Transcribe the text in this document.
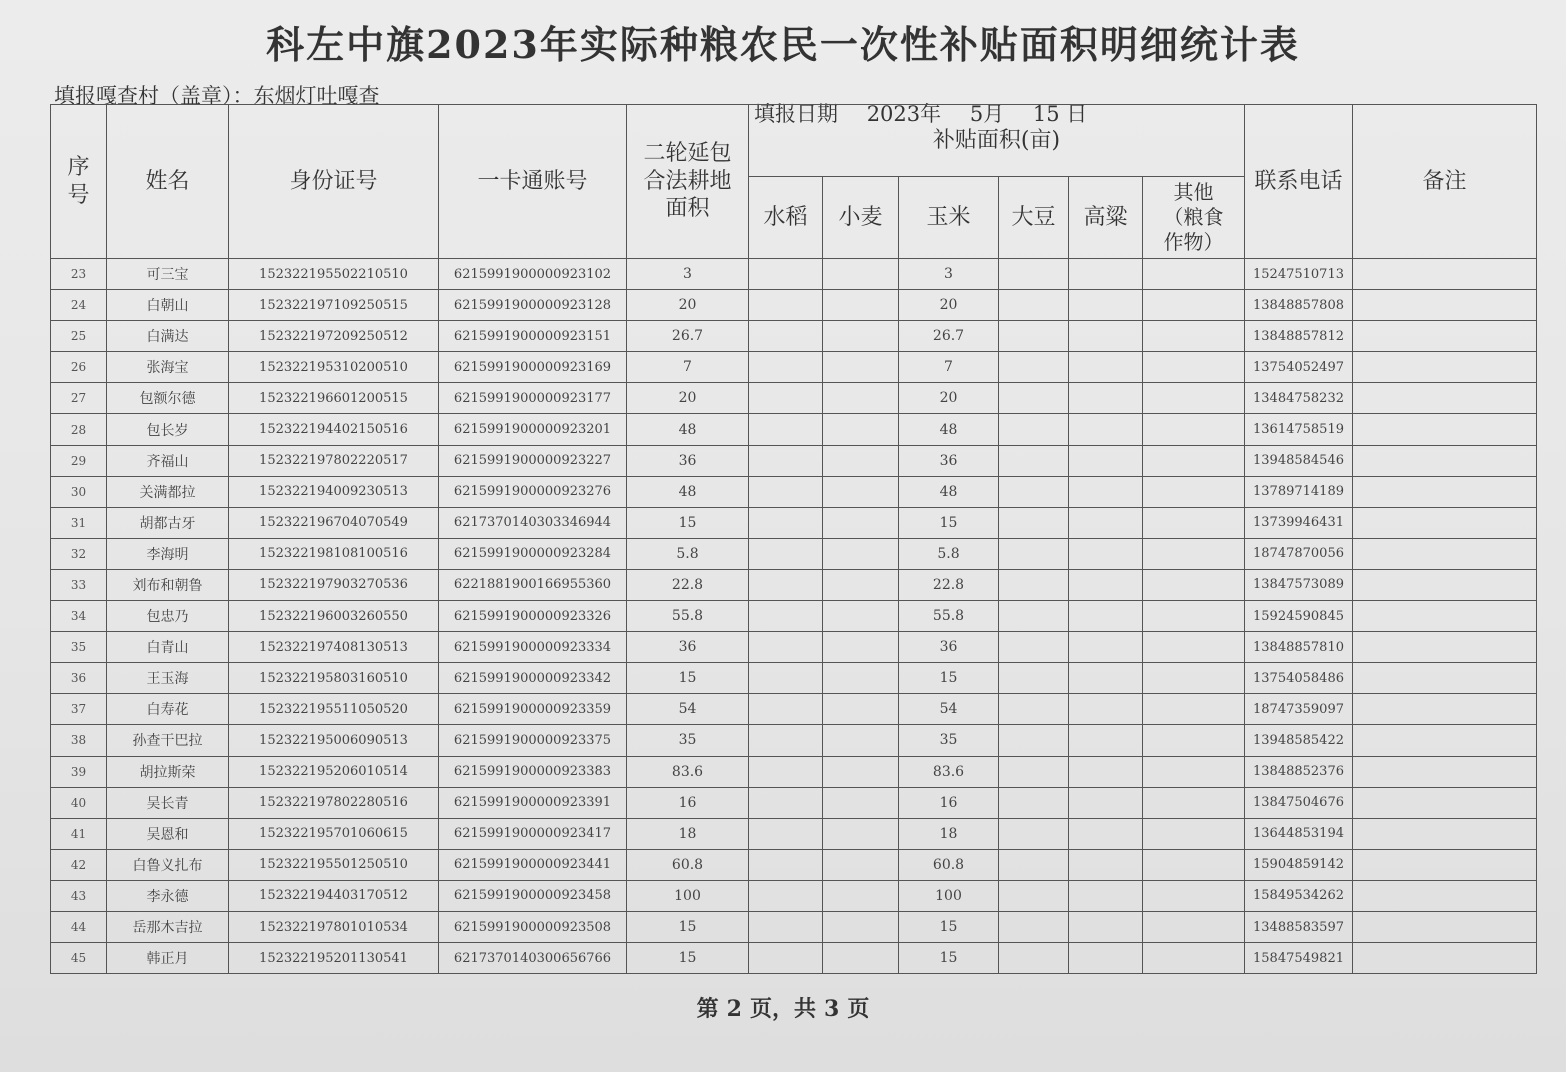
科左中旗2023年实际种粮农民一次性补贴面积明细统计表
填报嘎查村（盖章）：东烟灯吐嘎查
填报日期 2023年 5月 15 日
序号	姓名	身份证号	一卡通账号	二轮延包合法耕地面积	补贴面积(亩)						联系电话	备注
					水稻	小麦	玉米	大豆	高粱	其他（粮食作物）		
23	可三宝	152322195502210510	6215991900000923102	3			3				15247510713	
24	白朝山	152322197109250515	6215991900000923128	20			20				13848857808	
25	白满达	152322197209250512	6215991900000923151	26.7			26.7				13848857812	
26	张海宝	152322195310200510	6215991900000923169	7			7				13754052497	
27	包额尔德	152322196601200515	6215991900000923177	20			20				13484758232	
28	包长岁	152322194402150516	6215991900000923201	48			48				13614758519	
29	齐福山	152322197802220517	6215991900000923227	36			36				13948584546	
30	关满都拉	152322194009230513	6215991900000923276	48			48				13789714189	
31	胡都古牙	152322196704070549	6217370140303346944	15			15				13739946431	
32	李海明	152322198108100516	6215991900000923284	5.8			5.8				18747870056	
33	刘布和朝鲁	152322197903270536	6221881900166955360	22.8			22.8				13847573089	
34	包忠乃	152322196003260550	6215991900000923326	55.8			55.8				15924590845	
35	白青山	152322197408130513	6215991900000923334	36			36				13848857810	
36	王玉海	152322195803160510	6215991900000923342	15			15				13754058486	
37	白寿花	152322195511050520	6215991900000923359	54			54				18747359097	
38	孙查干巴拉	152322195006090513	6215991900000923375	35			35				13948585422	
39	胡拉斯荣	152322195206010514	6215991900000923383	83.6			83.6				13848852376	
40	吴长青	152322197802280516	6215991900000923391	16			16				13847504676	
41	吴恩和	152322195701060615	6215991900000923417	18			18				13644853194	
42	白鲁义扎布	152322195501250510	6215991900000923441	60.8			60.8				15904859142	
43	李永德	152322194403170512	6215991900000923458	100			100				15849534262	
44	岳那木吉拉	152322197801010534	6215991900000923508	15			15				13488583597	
45	韩正月	152322195201130541	6217370140300656766	15			15				15847549821	
第 2 页，共 3 页
